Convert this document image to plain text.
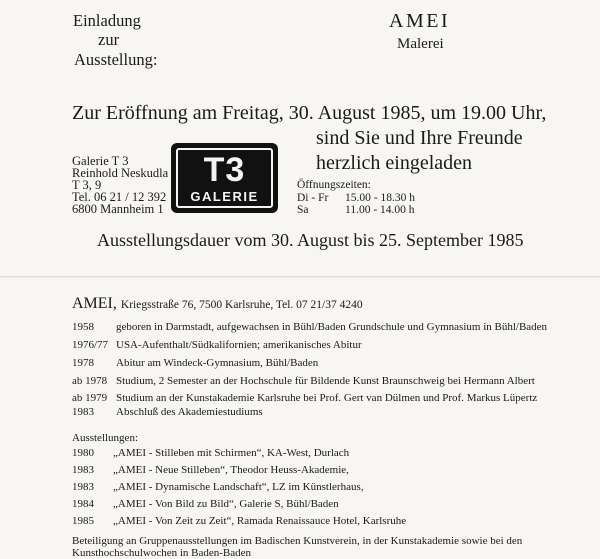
Einladung
zur
Ausstellung:
AMEI
Malerei
Zur Eröffnung am Freitag, 30. August 1985, um 19.00 Uhr,
sind Sie und Ihre Freunde
herzlich eingeladen
Galerie T 3
Reinhold Neskudla
T 3, 9
Tel. 06 21 / 12 392
6800 Mannheim 1
T3
GALERIE
Öffnungszeiten:
Di - Fr 15.00 - 18.30 h
Sa	11.00 - 14.00 h
Ausstellungsdauer vom 30. August bis 25. September 1985
AMEI, Kriegsstraße 76, 7500 Karlsruhe, Tel. 07 21/37 4240
1958 geboren in Darmstadt, aufgewachsen in Bühl/Baden Grundschule und Gymnasium in Bühl/Baden
1976/77 USA-Aufenthalt/Südkalifornien; amerikanisches Abitur
1978 Abitur am Windeck-Gymnasium, Bühl/Baden
ab 1978 Studium, 2 Semester an der Hochschule für Bildende Kunst Braunschweig bei Hermann Albert
ab 1979 Studium an der Kunstakademie Karlsruhe bei Prof. Gert van Dülmen und Prof. Markus Lüpertz
1983 Abschluß des Akademiestudiums
Ausstellungen:
1980 „AMEI - Stilleben mit Schirmen“, KA-West, Durlach
1983 „AMEI - Neue Stilleben“, Theodor Heuss-Akademie,
1983 „AMEI - Dynamische Landschaft“, LZ im Künstlerhaus,
1984 „AMEI - Von Bild zu Bild“, Galerie S, Bühl/Baden
1985 „AMEI - Von Zeit zu Zeit“, Ramada Renaissauce Hotel, Karlsruhe
Beteiligung an Gruppenausstellungen im Badischen Kunstverein, in der Kunstakademie sowie bei den
Kunsthochschulwochen in Baden-Baden
